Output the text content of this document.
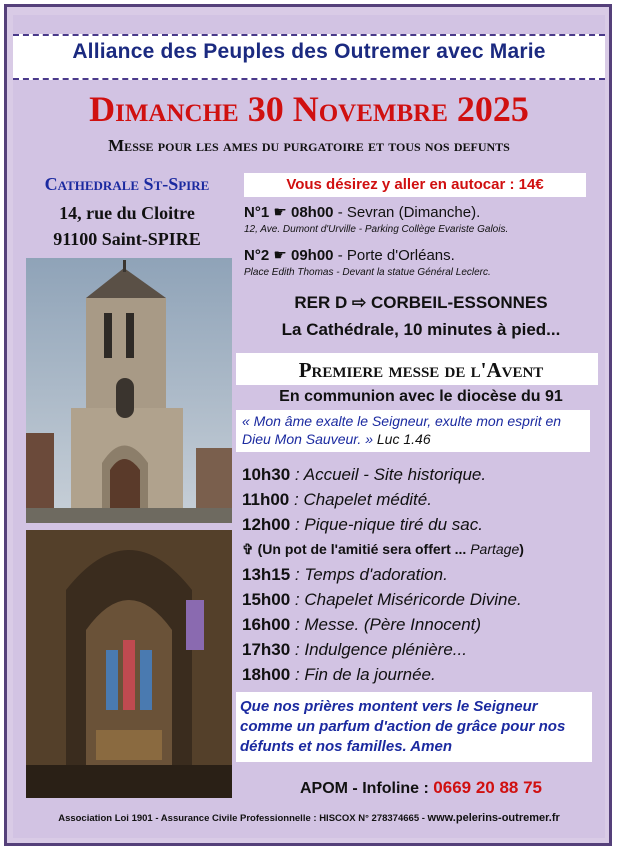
Alliance des Peuples des Outremer avec Marie
Dimanche 30 Novembre 2025
Messe pour les ames du purgatoire et tous nos defunts
Cathedrale St-Spire
14, rue du Cloitre
91100 Saint-SPIRE
Vous désirez y aller en autocar : 14€
N°1 ☛ 08h00 - Sevran (Dimanche).
12, Ave. Dumont d'Urville - Parking Collège Evariste Galois.
N°2 ☛ 09h00 - Porte d'Orléans.
Place Edith Thomas - Devant la statue Général Leclerc.
RER D ⇨ CORBEIL-ESSONNES
La Cathédrale, 10 minutes à pied...
Premiere messe de l'Avent
En communion avec le diocèse du 91
« Mon âme exalte le Seigneur, exulte mon esprit en Dieu Mon Sauveur. » Luc 1.46
10h30 : Accueil - Site historique.
11h00 : Chapelet médité.
12h00 : Pique-nique tiré du sac.
✞ (Un pot de l'amitié sera offert ... Partage)
13h15 : Temps d'adoration.
15h00 : Chapelet Miséricorde Divine.
16h00 : Messe. (Père Innocent)
17h30 : Indulgence plénière...
18h00 : Fin de la journée.
Que nos prières montent vers le Seigneur comme un parfum d'action de grâce pour nos défunts et nos familles. Amen
APOM - Infoline : 0669 20 88 75
Association Loi 1901 - Assurance Civile Professionnelle : HISCOX N° 278374665 - www.pelerins-outremer.fr
